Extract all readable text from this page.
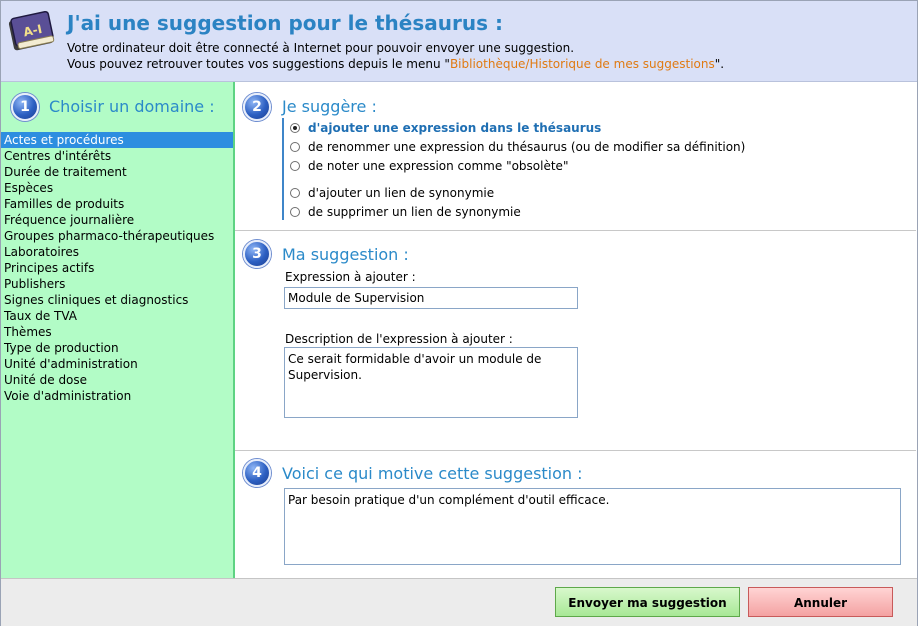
A-I J'ai une suggestion pour le thésaurus :
Votre ordinateur doit être connecté à Internet pour pouvoir envoyer une suggestion.
Vous pouvez retrouver toutes vos suggestions depuis le menu "Bibliothèque/Historique de mes suggestions".
1	Choisir un domaine :
Actes et procédures
Centres d'intérêts
Durée de traitement
Espèces
Familles de produits
Fréquence journalière
Groupes pharmaco-thérapeutiques
Laboratoires
Principes actifs
Publishers
Signes cliniques et diagnostics
Taux de TVA
Thèmes
Type de production
Unité d'administration
Unité de dose
Voie d'administration
2	Je suggère :
d'ajouter une expression dans le thésaurus
de renommer une expression du thésaurus (ou de modifier sa définition)
de noter une expression comme "obsolète"
d'ajouter un lien de synonymie
de supprimer un lien de synonymie
3	Ma suggestion :
Expression à ajouter :
Module de Supervision
Description de l'expression à ajouter :
Ce serait formidable d'avoir un module de Supervision.
4	Voici ce qui motive cette suggestion :
Par besoin pratique d'un complément d'outil efficace.
Envoyer ma suggestion	Annuler
